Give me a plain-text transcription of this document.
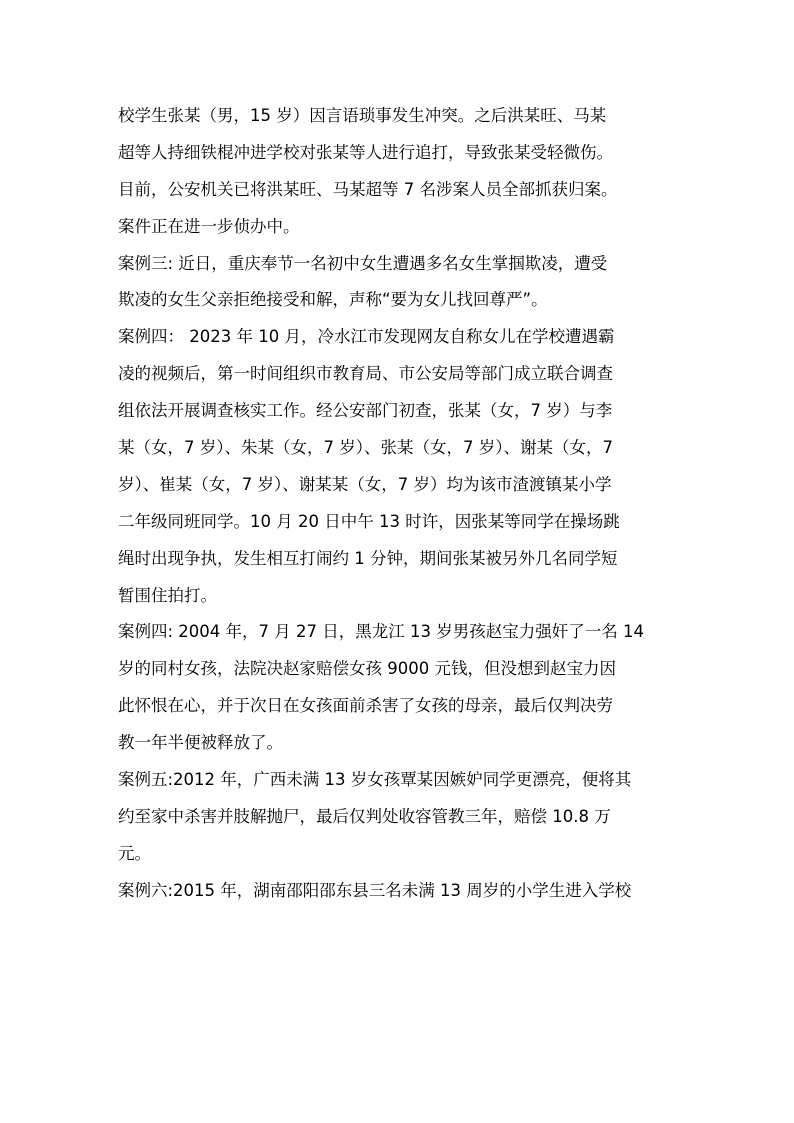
校学生张某（男，15 岁）因言语琐事发生冲突。之后洪某旺、马某
超等人持细铁棍冲进学校对张某等人进行追打，导致张某受轻微伤。
目前，公安机关已将洪某旺、马某超等 7 名涉案人员全部抓获归案。
案件正在进一步侦办中。
案例三: 近日，重庆奉节一名初中女生遭遇多名女生掌掴欺凌，遭受
欺凌的女生父亲拒绝接受和解，声称“要为女儿找回尊严”。
案例四： 2023 年 10 月，冷水江市发现网友自称女儿在学校遭遇霸
凌的视频后，第一时间组织市教育局、市公安局等部门成立联合调查
组依法开展调查核实工作。经公安部门初查，张某（女，7 岁）与李
某（女，7 岁）、朱某（女，7 岁）、张某（女，7 岁）、谢某（女，7
岁）、崔某（女，7 岁）、谢某某（女，7 岁）均为该市渣渡镇某小学
二年级同班同学。10 月 20 日中午 13 时许，因张某等同学在操场跳
绳时出现争执，发生相互打闹约 1 分钟，期间张某被另外几名同学短
暂围住拍打。
案例四: 2004 年，7 月 27 日，黑龙江 13 岁男孩赵宝力强奸了一名 14
岁的同村女孩，法院决赵家赔偿女孩 9000 元钱，但没想到赵宝力因
此怀恨在心，并于次日在女孩面前杀害了女孩的母亲，最后仅判决劳
教一年半便被释放了。
案例五:2012 年，广西未满 13 岁女孩覃某因嫉妒同学更漂亮，便将其
约至家中杀害并肢解抛尸，最后仅判处收容管教三年，赔偿 10.8 万
元。
案例六:2015 年，湖南邵阳邵东县三名未满 13 周岁的小学生进入学校
